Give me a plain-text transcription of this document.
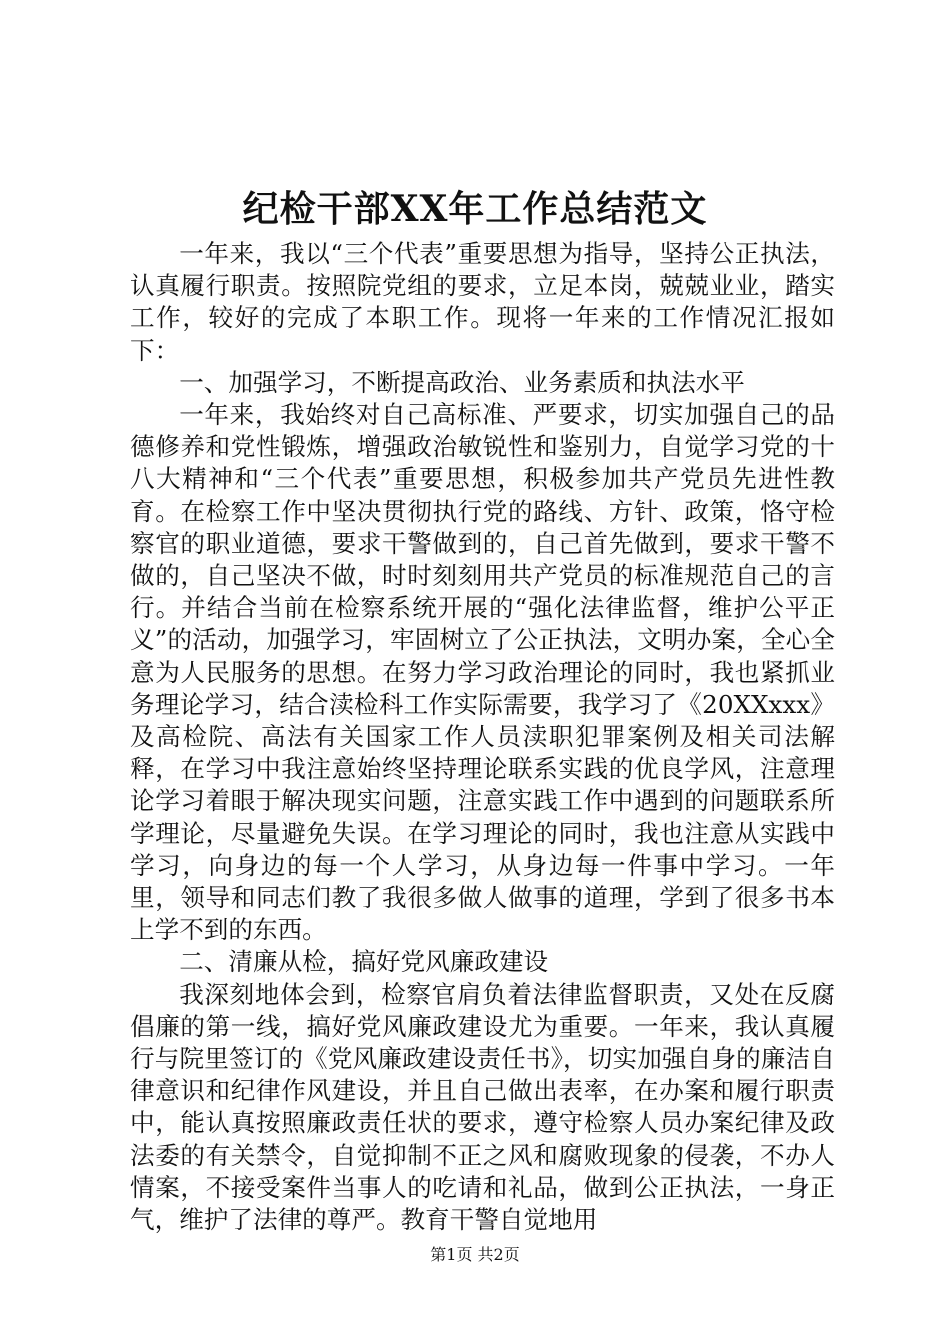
纪检干部XX年工作总结范文

一年来，我以“三个代表”重要思想为指导，坚持公正执法，认真履行职责。按照院党组的要求，立足本岗，兢兢业业，踏实工作，较好的完成了本职工作。现将一年来的工作情况汇报如下：

一、加强学习，不断提高政治、业务素质和执法水平

一年来，我始终对自己高标准、严要求，切实加强自己的品德修养和党性锻炼，增强政治敏锐性和鉴别力，自觉学习党的十八大精神和“三个代表”重要思想，积极参加共产党员先进性教育。在检察工作中坚决贯彻执行党的路线、方针、政策，恪守检察官的职业道德，要求干警做到的，自己首先做到，要求干警不做的，自己坚决不做，时时刻刻用共产党员的标准规范自己的言行。并结合当前在检察系统开展的“强化法律监督，维护公平正义”的活动，加强学习，牢固树立了公正执法，文明办案，全心全意为人民服务的思想。在努力学习政治理论的同时，我也紧抓业务理论学习，结合渎检科工作实际需要，我学习了《20XXxxx》及高检院、高法有关国家工作人员渎职犯罪案例及相关司法解释，在学习中我注意始终坚持理论联系实践的优良学风，注意理论学习着眼于解决现实问题，注意实践工作中遇到的问题联系所学理论，尽量避免失误。在学习理论的同时，我也注意从实践中学习，向身边的每一个人学习，从身边每一件事中学习。一年里，领导和同志们教了我很多做人做事的道理，学到了很多书本上学不到的东西。

二、清廉从检，搞好党风廉政建设

我深刻地体会到，检察官肩负着法律监督职责，又处在反腐倡廉的第一线，搞好党风廉政建设尤为重要。一年来，我认真履行与院里签订的《党风廉政建设责任书》，切实加强自身的廉洁自律意识和纪律作风建设，并且自己做出表率，在办案和履行职责中，能认真按照廉政责任状的要求，遵守检察人员办案纪律及政法委的有关禁令，自觉抑制不正之风和腐败现象的侵袭，不办人情案，不接受案件当事人的吃请和礼品，做到公正执法，一身正气，维护了法律的尊严。教育干警自觉地用

第1页 共2页
